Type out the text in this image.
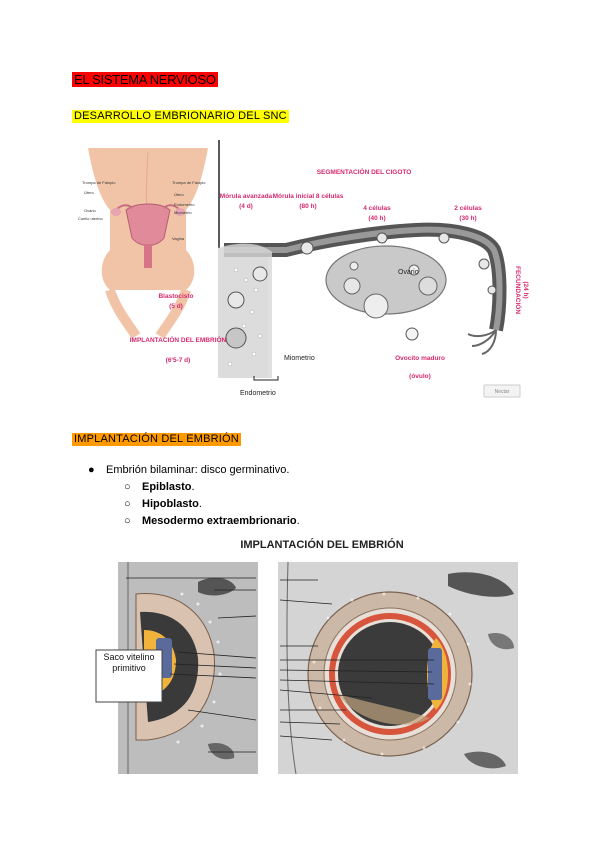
EL SISTEMA NERVIOSO
DESARROLLO EMBRIONARIO DEL SNC
Trompa de Falopio
Útero
Ovario
Trompa de Falopio
Útero
Endometrio
Miometrio
Vagina
Cuello uterino
SEGMENTACIÓN DEL CIGOTO
Mórula avanzada
(4 d)
Mórula inicial 8 células
(80 h)	4 células
(40 h)
2 células
(30 h)
Blastocisto
(5 d)
IMPLANTACIÓN DEL EMBRIÓN
(6'5-7 d)	Ovocito maduro
(óvulo)
FECUNDACIÓN (24 h)
Ovario
Miometrio
Endometrio	Nectar
IMPLANTACIÓN DEL EMBRIÓN
●	Embrión bilaminar: disco germinativo.
○	Epiblasto .
○	Hipoblasto .
○	Mesodermo extraembrionario .
IMPLANTACIÓN DEL EMBRIÓN
Saco vitelino primitivo
